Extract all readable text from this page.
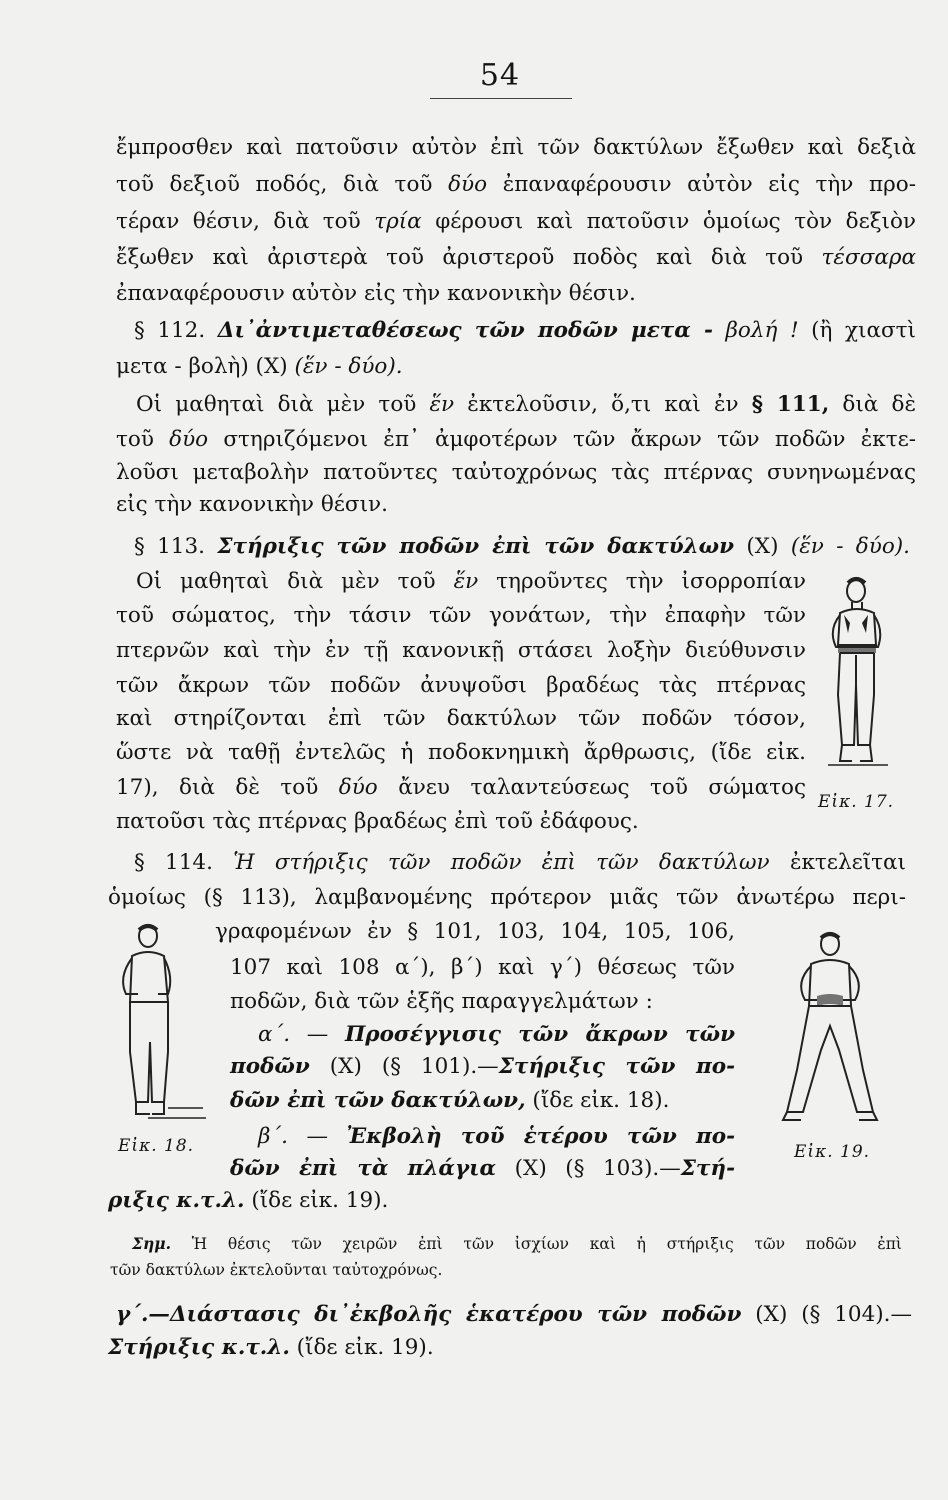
54

ἔμπροσθεν καὶ πατοῦσιν αὐτὸν ἐπὶ τῶν δακτύλων ἔξωθεν καὶ δεξιὰ

τοῦ δεξιοῦ ποδός, διὰ τοῦ δύο ἐπαναφέρουσιν αὐτὸν εἰς τὴν προ-

τέραν θέσιν, διὰ τοῦ τρία φέρουσι καὶ πατοῦσιν ὁμοίως τὸν δεξιὸν

ἔξωθεν καὶ ἀριστερὰ τοῦ ἀριστεροῦ ποδὸς καὶ διὰ τοῦ τέσσαρα

ἐπαναφέρουσιν αὐτὸν εἰς τὴν κανονικὴν θέσιν.

§ 112. Δι᾽ἀντιμεταθέσεως τῶν ποδῶν μετα - βολή ! (ἢ χιαστὶ

μετα - βολὴ) (Χ) (ἕν - δύο).

Οἱ μαθηταὶ διὰ μὲν τοῦ ἕν ἐκτελοῦσιν, ὅ,τι καὶ ἐν § 111, διὰ δὲ

τοῦ δύο στηριζόμενοι ἐπ᾽ ἀμφοτέρων τῶν ἄκρων τῶν ποδῶν ἐκτε-

λοῦσι μεταβολὴν πατοῦντες ταὐτοχρόνως τὰς πτέρνας συνηνωμένας

εἰς τὴν κανονικὴν θέσιν.

§ 113. Στήριξις τῶν ποδῶν ἐπὶ τῶν δακτύλων (Χ) (ἕν - δύο).

Οἱ μαθηταὶ διὰ μὲν τοῦ ἕν τηροῦντες τὴν ἰσορροπίαν

τοῦ σώματος, τὴν τάσιν τῶν γονάτων, τὴν ἐπαφὴν τῶν

πτερνῶν καὶ τὴν ἐν τῇ κανονικῇ στάσει λοξὴν διεύθυνσιν

τῶν ἄκρων τῶν ποδῶν ἀνυψοῦσι βραδέως τὰς πτέρνας

καὶ στηρίζονται ἐπὶ τῶν δακτύλων τῶν ποδῶν τόσον,

ὥστε νὰ ταθῇ ἐντελῶς ἡ ποδοκνημικὴ ἄρθρωσις, (ἴδε εἰκ.

17), διὰ δὲ τοῦ δύο ἄνευ ταλαντεύσεως τοῦ σώματος

πατοῦσι τὰς πτέρνας βραδέως ἐπὶ τοῦ ἐδάφους.

Εἰκ. 17.

§ 114. Ἡ στήριξις τῶν ποδῶν ἐπὶ τῶν δακτύλων ἐκτελεῖται

ὁμοίως (§ 113), λαμβανομένης πρότερον μιᾶς τῶν ἀνωτέρω περι-

γραφομένων ἐν § 101, 103, 104, 105, 106,

107 καὶ 108 α΄), β΄) καὶ γ΄) θέσεως τῶν

ποδῶν, διὰ τῶν ἑξῆς παραγγελμάτων :

α΄. — Προσέγγισις τῶν ἄκρων τῶν

ποδῶν (Χ) (§ 101).—Στήριξις τῶν πο-

δῶν ἐπὶ τῶν δακτύλων, (ἴδε εἰκ. 18).

β΄. — Ἐκβολὴ τοῦ ἑτέρου τῶν πο-

δῶν ἐπὶ τὰ πλάγια (Χ) (§ 103).—Στή-

ριξις κ.τ.λ. (ἴδε εἰκ. 19).

Εἰκ. 18.	Εἰκ. 19.

Σημ. Ἡ θέσις τῶν χειρῶν ἐπὶ τῶν ἰσχίων καὶ ἡ στήριξις τῶν ποδῶν ἐπὶ

τῶν δακτύλων ἐκτελοῦνται ταὐτοχρόνως.

γ΄.—Διάστασις δι᾽ἐκβολῆς ἑκατέρου τῶν ποδῶν (Χ) (§ 104).—

Στήριξις κ.τ.λ. (ἴδε εἰκ. 19).
